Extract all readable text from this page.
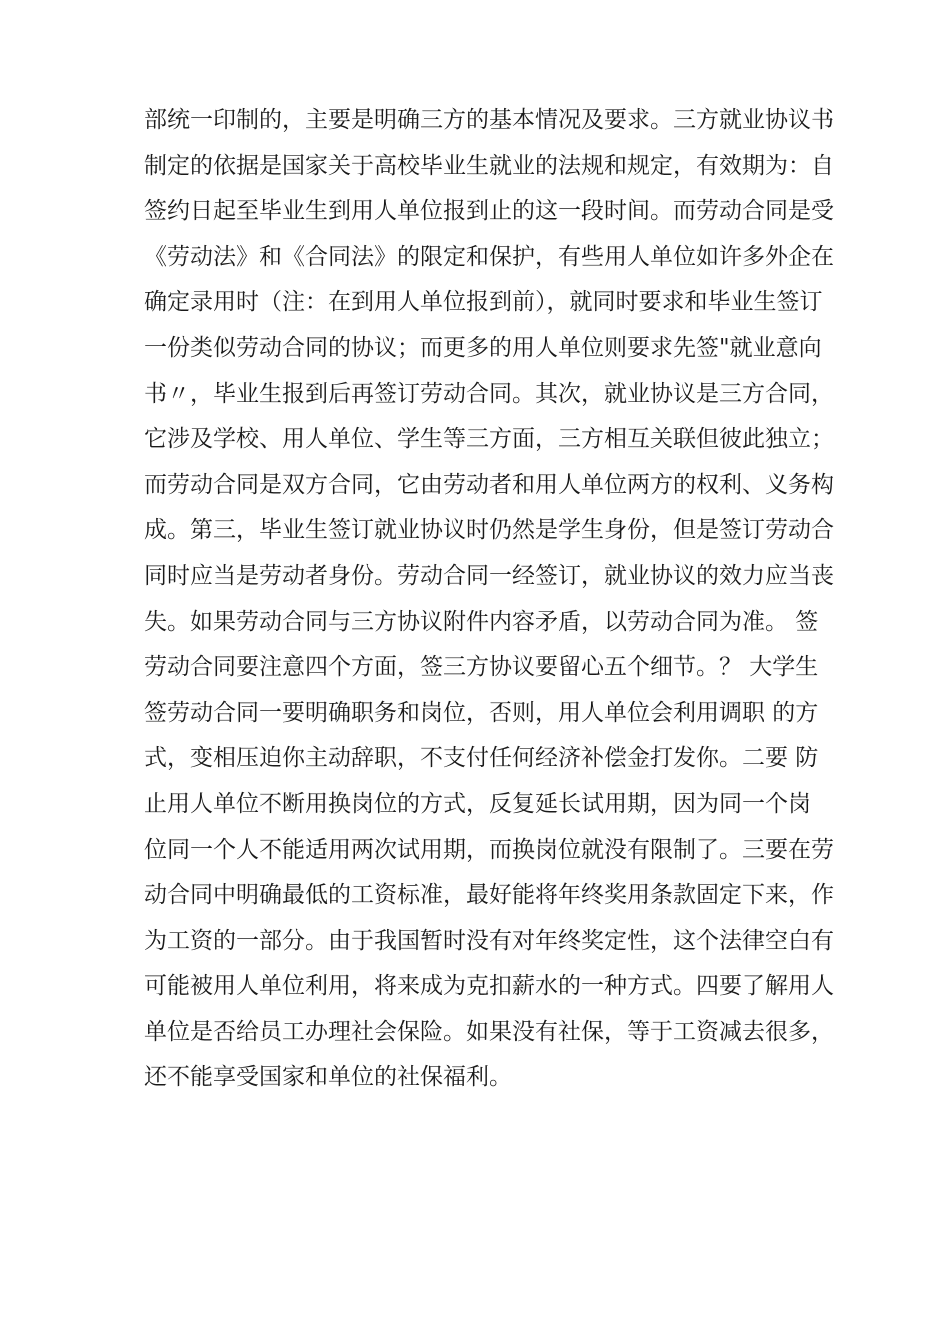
部统一印制的，主要是明确三方的基本情况及要求。三方就业协议书
制定的依据是国家关于高校毕业生就业的法规和规定，有效期为：自
签约日起至毕业生到用人单位报到止的这一段时间。而劳动合同是受
《劳动法》和《合同法》的限定和保护，有些用人单位如许多外企在
确定录用时（注：在到用人单位报到前），就同时要求和毕业生签订
一份类似劳动合同的协议；而更多的用人单位则要求先签"就业意向
书〃，毕业生报到后再签订劳动合同。其次，就业协议是三方合同，
它涉及学校、用人单位、学生等三方面，三方相互关联但彼此独立；
而劳动合同是双方合同，它由劳动者和用人单位两方的权利、义务构
成。第三，毕业生签订就业协议时仍然是学生身份，但是签订劳动合
同时应当是劳动者身份。劳动合同一经签订，就业协议的效力应当丧
失。如果劳动合同与三方协议附件内容矛盾，以劳动合同为准。 签
劳动合同要注意四个方面，签三方协议要留心五个细节。？ 大学生
签劳动合同一要明确职务和岗位，否则，用人单位会利用调职 的方
式，变相压迫你主动辞职，不支付任何经济补偿金打发你。二要 防
止用人单位不断用换岗位的方式，反复延长试用期，因为同一个岗
位同一个人不能适用两次试用期，而换岗位就没有限制了。三要在劳
动合同中明确最低的工资标准，最好能将年终奖用条款固定下来，作
为工资的一部分。由于我国暂时没有对年终奖定性，这个法律空白有
可能被用人单位利用，将来成为克扣薪水的一种方式。四要了解用人
单位是否给员工办理社会保险。如果没有社保，等于工资减去很多，
还不能享受国家和单位的社保福利。
